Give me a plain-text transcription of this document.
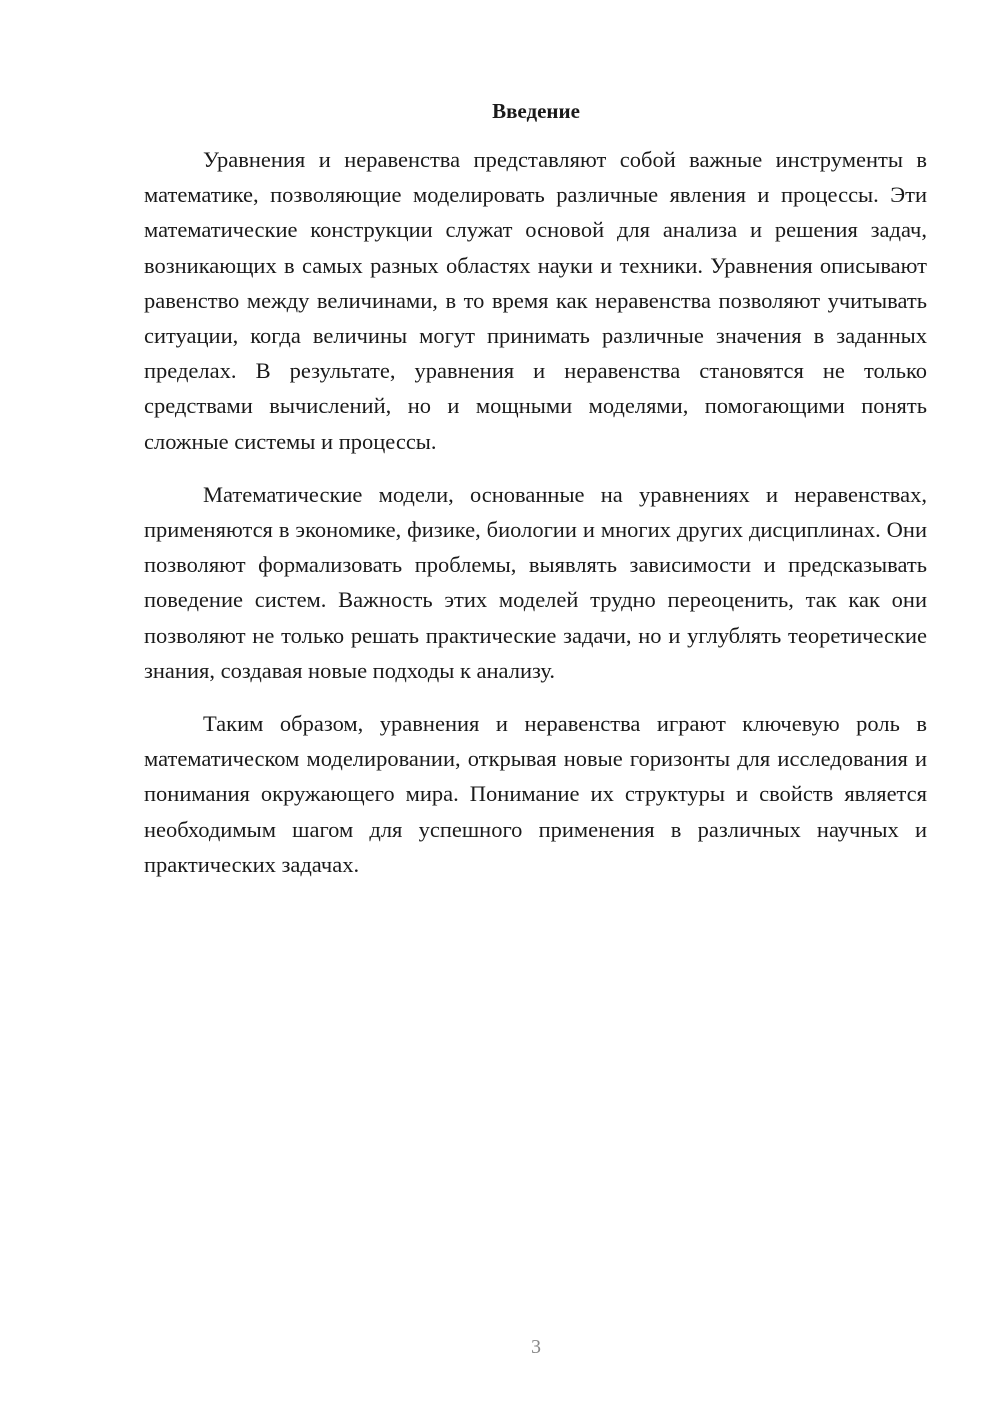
Введение

Уравнения и неравенства представляют собой важные инструменты в математике, позволяющие моделировать различные явления и процессы. Эти математические конструкции служат основой для анализа и решения задач, возникающих в самых разных областях науки и техники. Уравнения описывают равенство между величинами, в то время как неравенства позволяют учитывать ситуации, когда величины могут принимать различные значения в заданных пределах. В результате, уравнения и неравенства становятся не только средствами вычислений, но и мощными моделями, помогающими понять сложные системы и процессы.

Математические модели, основанные на уравнениях и неравенствах, применяются в экономике, физике, биологии и многих других дисциплинах. Они позволяют формализовать проблемы, выявлять зависимости и предсказывать поведение систем. Важность этих моделей трудно переоценить, так как они позволяют не только решать практические задачи, но и углублять теоретические знания, создавая новые подходы к анализу.

Таким образом, уравнения и неравенства играют ключевую роль в математическом моделировании, открывая новые горизонты для исследования и понимания окружающего мира. Понимание их структуры и свойств является необходимым шагом для успешного применения в различных научных и практических задачах.

3
